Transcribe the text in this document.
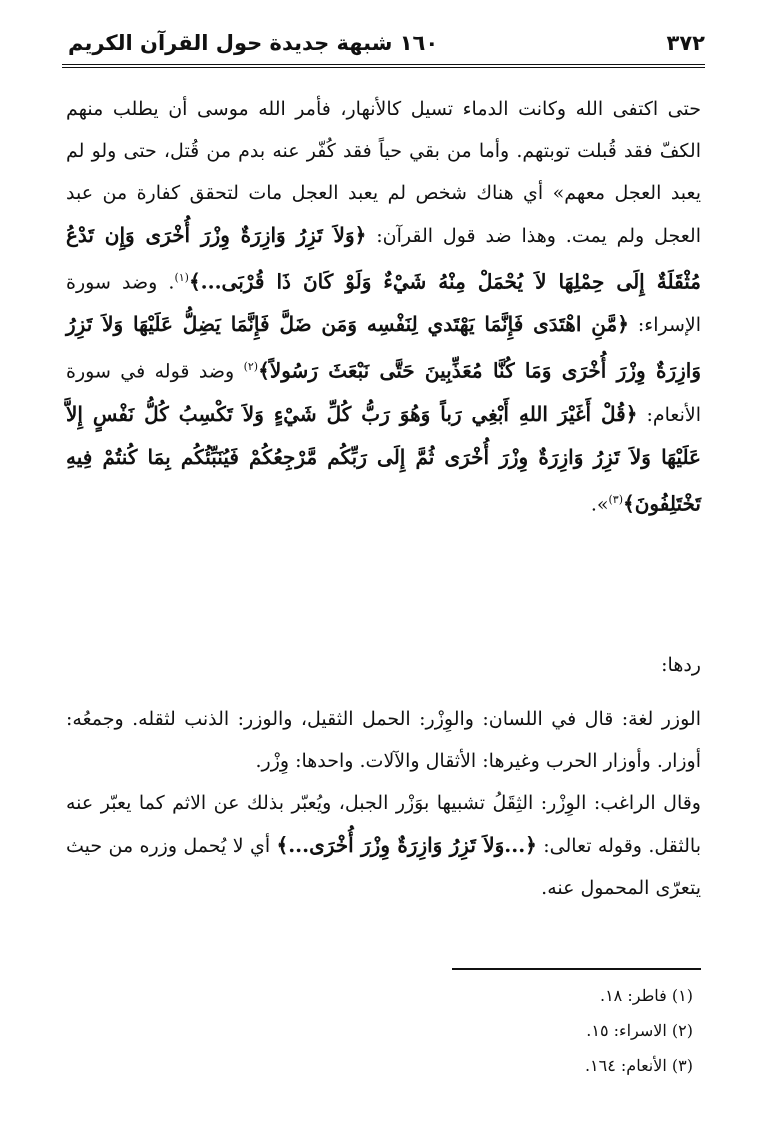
٣٧٢
١٦٠ شبهة جديدة حول القرآن الكريم

حتى اكتفى الله وكانت الدماء تسيل كالأنهار، فأمر الله موسى أن يطلب منهم الكفّ فقد قُبلت توبتهم. وأما من بقي حياً فقد كُفّر عنه بدم من قُتل، حتى ولو لم يعبد العجل معهم» أي هناك شخص لم يعبد العجل مات لتحقق كفارة من عبد العجل ولم يمت. وهذا ضد قول القرآن: ﴿وَلاَ تَزِرُ وَازِرَةٌ وِزْرَ أُخْرَى وَإِن تَدْعُ مُثْقَلَةٌ إِلَى حِمْلِهَا لاَ يُحْمَلْ مِنْهُ شَيْءٌ وَلَوْ كَانَ ذَا قُرْبَى...﴾$^{(١)}$. وضد سورة الإسراء: ﴿مَّنِ اهْتَدَى فَإِنَّمَا يَهْتَدي لِنَفْسِه وَمَن ضَلَّ فَإِنَّمَا يَضِلُّ عَلَيْهَا وَلاَ تَزِرُ وَازِرَةٌ وِزْرَ أُخْرَى وَمَا كُنَّا مُعَذِّبِينَ حَتَّى نَبْعَثَ رَسُولاً﴾$^{(٢)}$ وضد قوله في سورة الأنعام: ﴿قُلْ أَغَيْرَ اللهِ أَبْغِي رَباً وَهُوَ رَبُّ كُلِّ شَيْءٍ وَلاَ تَكْسِبُ كُلُّ نَفْسٍ إِلاَّ عَلَيْهَا وَلاَ تَزِرُ وَازِرَةٌ وِزْرَ أُخْرَى ثُمَّ إِلَى رَبِّكُم مَّرْجِعُكُمْ فَيُنَبِّئُكُم بِمَا كُنتُمْ فِيهِ تَخْتَلِفُونَ﴾$^{(٣)}$».

ردها:

الوزر لغة: قال في اللسان: والوِزْر: الحمل الثقيل، والوزر: الذنب لثقله. وجمعُه: أوزار. وأوزار الحرب وغيرها: الأثقال والآلات. واحدها: وِزْر.

وقال الراغب: الوِزْر: الثِقَلُ تشبيها بوَزْر الجبل، ويُعبّر بذلك عن الاثم كما يعبّر عنه بالثقل. وقوله تعالى: ﴿...وَلاَ تَزِرُ وَازِرَةٌ وِزْرَ أُخْرَى...﴾ أي لا يُحمل وزره من حيث يتعرّى المحمول عنه.

(١) فاطر: ١٨.
(٢) الاسراء: ١٥.
(٣) الأنعام: ١٦٤.
